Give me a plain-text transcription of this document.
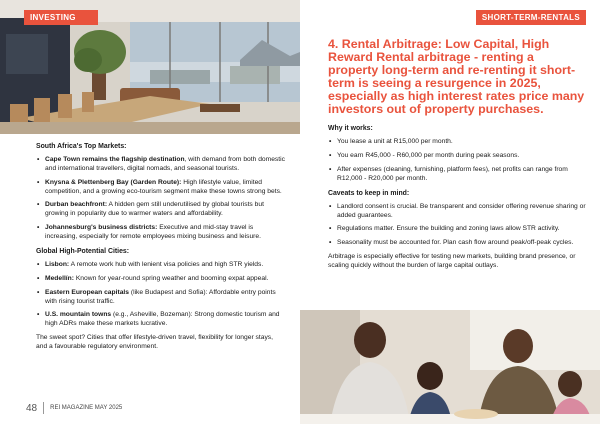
INVESTING
South Africa's Top Markets:
• Cape Town remains the flagship destination, with demand from both domestic and international travellers, digital nomads, and seasonal tourists.
• Knysna & Plettenberg Bay (Garden Route): High lifestyle value, limited competition, and a growing eco-tourism segment make these towns strong bets.
• Durban beachfront: A hidden gem still underutilised by global tourists but growing in popularity due to warmer waters and affordability.
• Johannesburg's business districts: Executive and mid-stay travel is increasing, especially for remote employees mixing business and leisure.
Global High-Potential Cities:
• Lisbon: A remote work hub with lenient visa policies and high STR yields.
• Medellín: Known for year-round spring weather and booming expat appeal.
• Eastern European capitals (like Budapest and Sofia): Affordable entry points with rising tourist traffic.
• U.S. mountain towns (e.g., Asheville, Bozeman): Strong domestic tourism and high ADRs make these markets lucrative.

The sweet spot? Cities that offer lifestyle-driven travel, flexibility for longer stays, and a favourable regulatory environment.

48 REI MAGAZINE MAY 2025
SHORT-TERM-RENTALS
4. Rental Arbitrage: Low Capital, High Reward Rental arbitrage - renting a property long-term and re-renting it short-term is seeing a resurgence in 2025, especially as high interest rates price many investors out of property purchases.
Why it works:
• You lease a unit at R15,000 per month.
• You earn R45,000 - R60,000 per month during peak seasons.
• After expenses (cleaning, furnishing, platform fees), net profits can range from R12,000 - R20,000 per month.
Caveats to keep in mind:
• Landlord consent is crucial. Be transparent and consider offering revenue sharing or added guarantees.
• Regulations matter. Ensure the building and zoning laws allow STR activity.
• Seasonality must be accounted for. Plan cash flow around peak/off-peak cycles.

Arbitrage is especially effective for testing new markets, building brand presence, or scaling quickly without the burden of large capital outlays.
